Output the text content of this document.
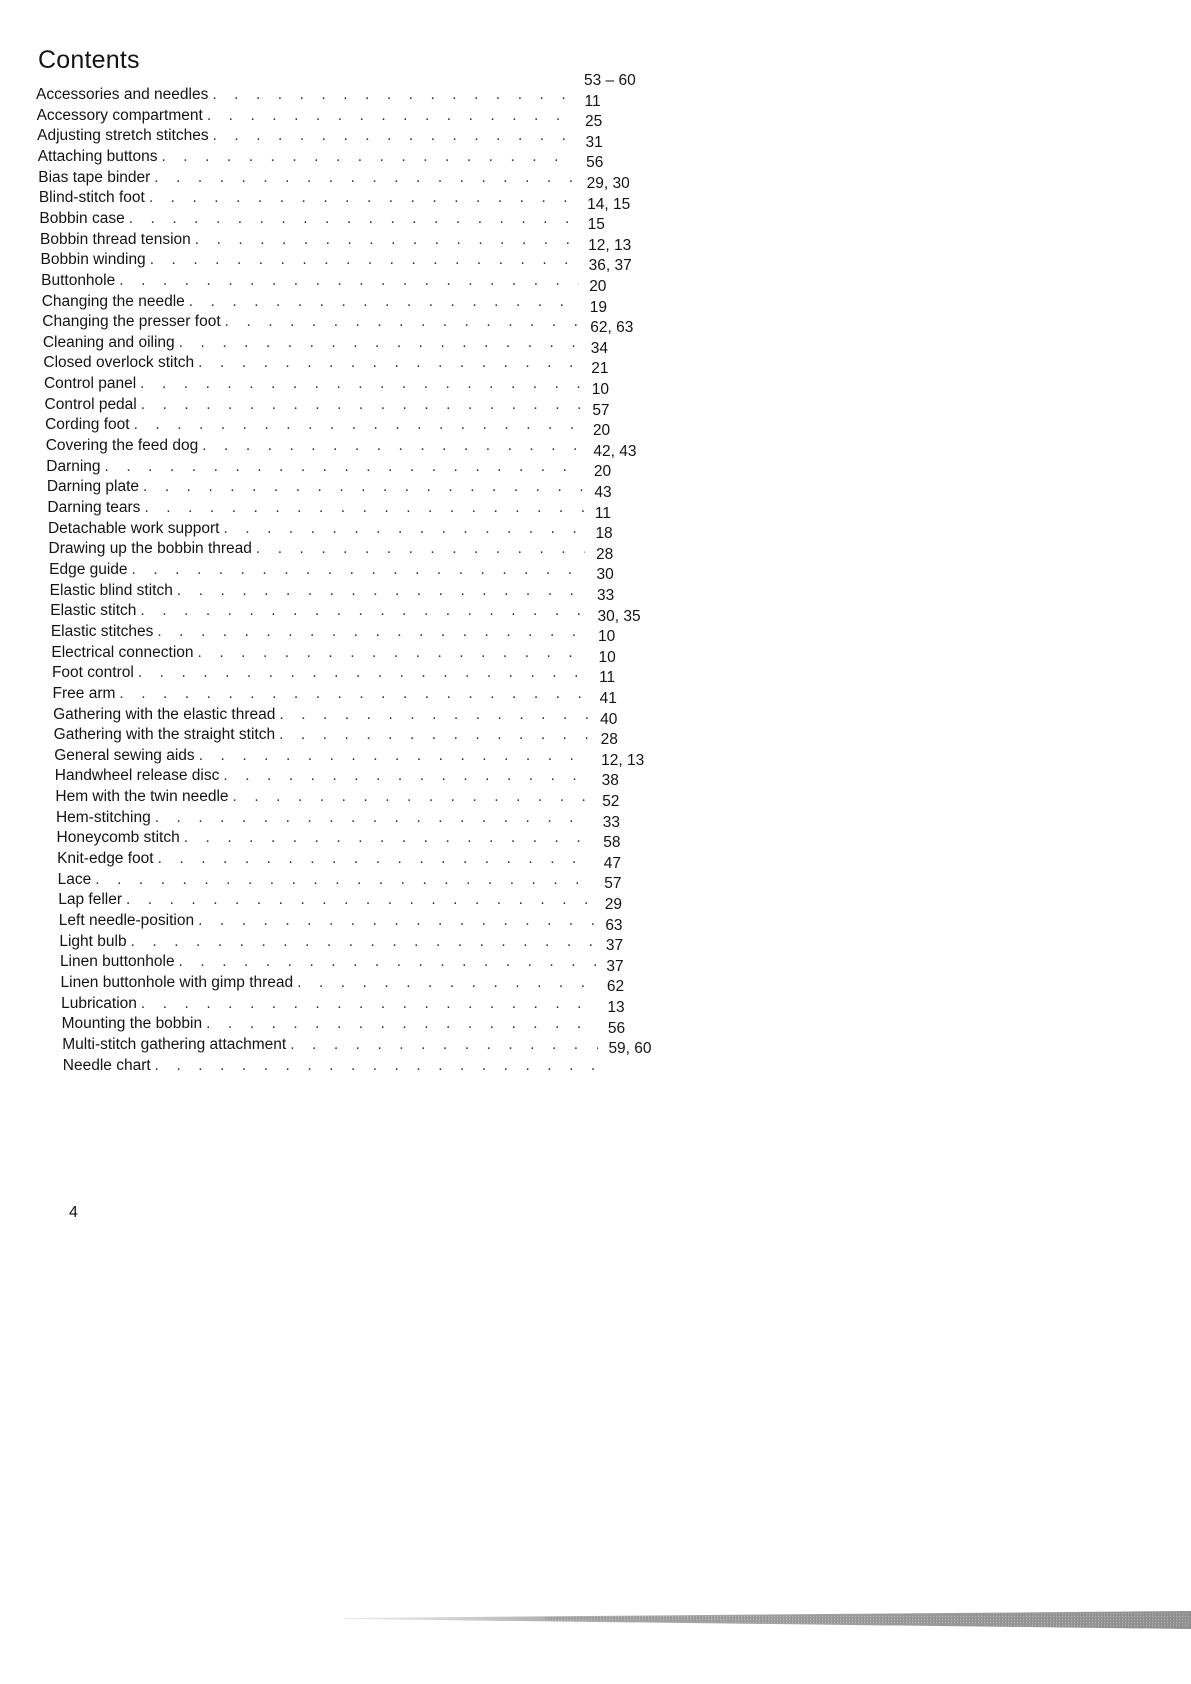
Contents
Accessories and needles
. . .
53 – 60
Accessory compartment
. . .
11
Adjusting stretch stitches
. . .
25
Attaching buttons
. . .
31
Bias tape binder
. . .
56
Blind-stitch foot
. . .
29, 30
Bobbin case
. . .
14, 15
Bobbin thread tension
. . .
15
Bobbin winding
. . .
12, 13
Buttonhole
. . .
36, 37
Changing the needle
. . .
20
Changing the presser foot
. . .
19
Cleaning and oiling
. . .
62, 63
Closed overlock stitch
. . .
34
Control panel
. . .
21
Control pedal
. . .
10
Cording foot
. . .
57
Covering the feed dog
. . .
20
Darning
. . .
42, 43
Darning plate
. . .
20
Darning tears
. . .
43
Detachable work support
. . .
11
Drawing up the bobbin thread
. . .
18
Edge guide
. . .
28
Elastic blind stitch
. . .
30
Elastic stitch
. . .
33
Elastic stitches
. . .
30, 35
Electrical connection
. . .
10
Foot control
. . .
10
Free arm
. . .
11
Gathering with the elastic thread
. . .
41
Gathering with the straight stitch
. . .
40
General sewing aids
. . .
28
Handwheel release disc
. . .
12, 13
Hem with the twin needle
. . .
38
Hem-stitching
. . .
52
Honeycomb stitch
. . .
33
Knit-edge foot
. . .
58
Lace
. . .
47
Lap feller
. . .
57
Left needle-position
. . .
29
Light bulb
. . .
63
Linen buttonhole
. . .
37
Linen buttonhole with gimp thread
. . .
37
Lubrication
. . .
62
Mounting the bobbin
. . .
13
Multi-stitch gathering attachment
. . .
56
Needle chart
. . .
59, 60
4
